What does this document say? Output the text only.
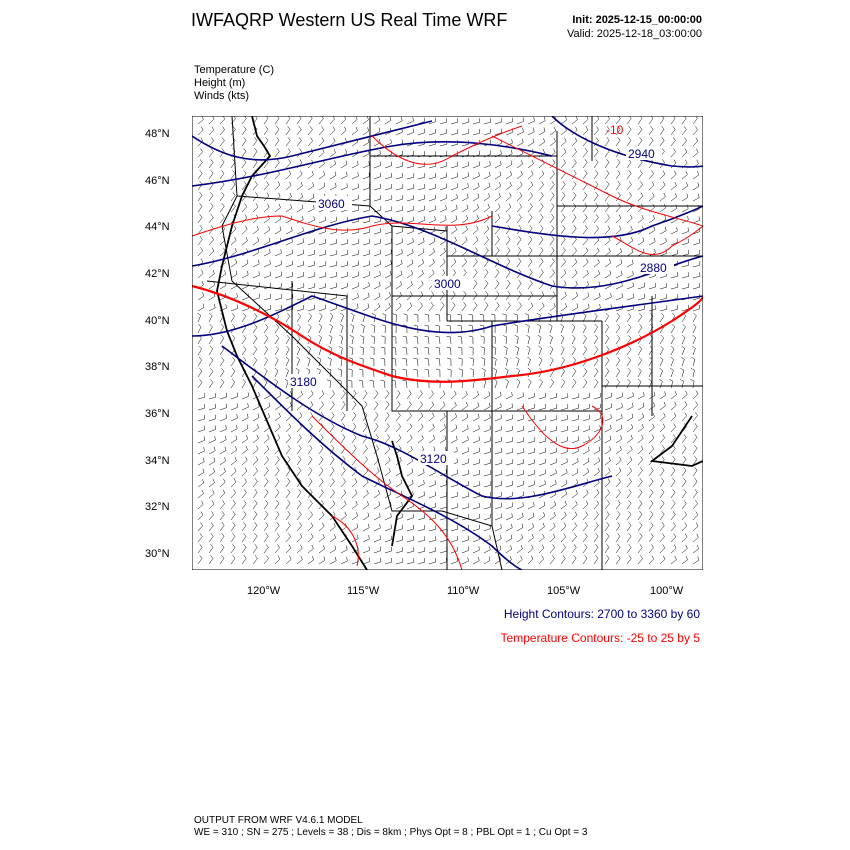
IWFAQRP Western US Real Time WRF	Init: 2025-12-15_00:00:00
Valid: 2025-12-18_03:00:00
Temperature (C)
Height (m)
Winds (kts)
3060
3000
3180
3120
2940
2880
-10
48°N
46°N
44°N
42°N
40°N
38°N
36°N
34°N
32°N
30°N
120°W	115°W	110°W	105°W	100°W
Height Contours: 2700 to 3360 by 60
Temperature Contours: -25 to 25 by 5
OUTPUT FROM WRF V4.6.1 MODEL
WE = 310 ; SN = 275 ; Levels = 38 ; Dis = 8km ; Phys Opt = 8 ; PBL Opt = 1 ; Cu Opt = 3
